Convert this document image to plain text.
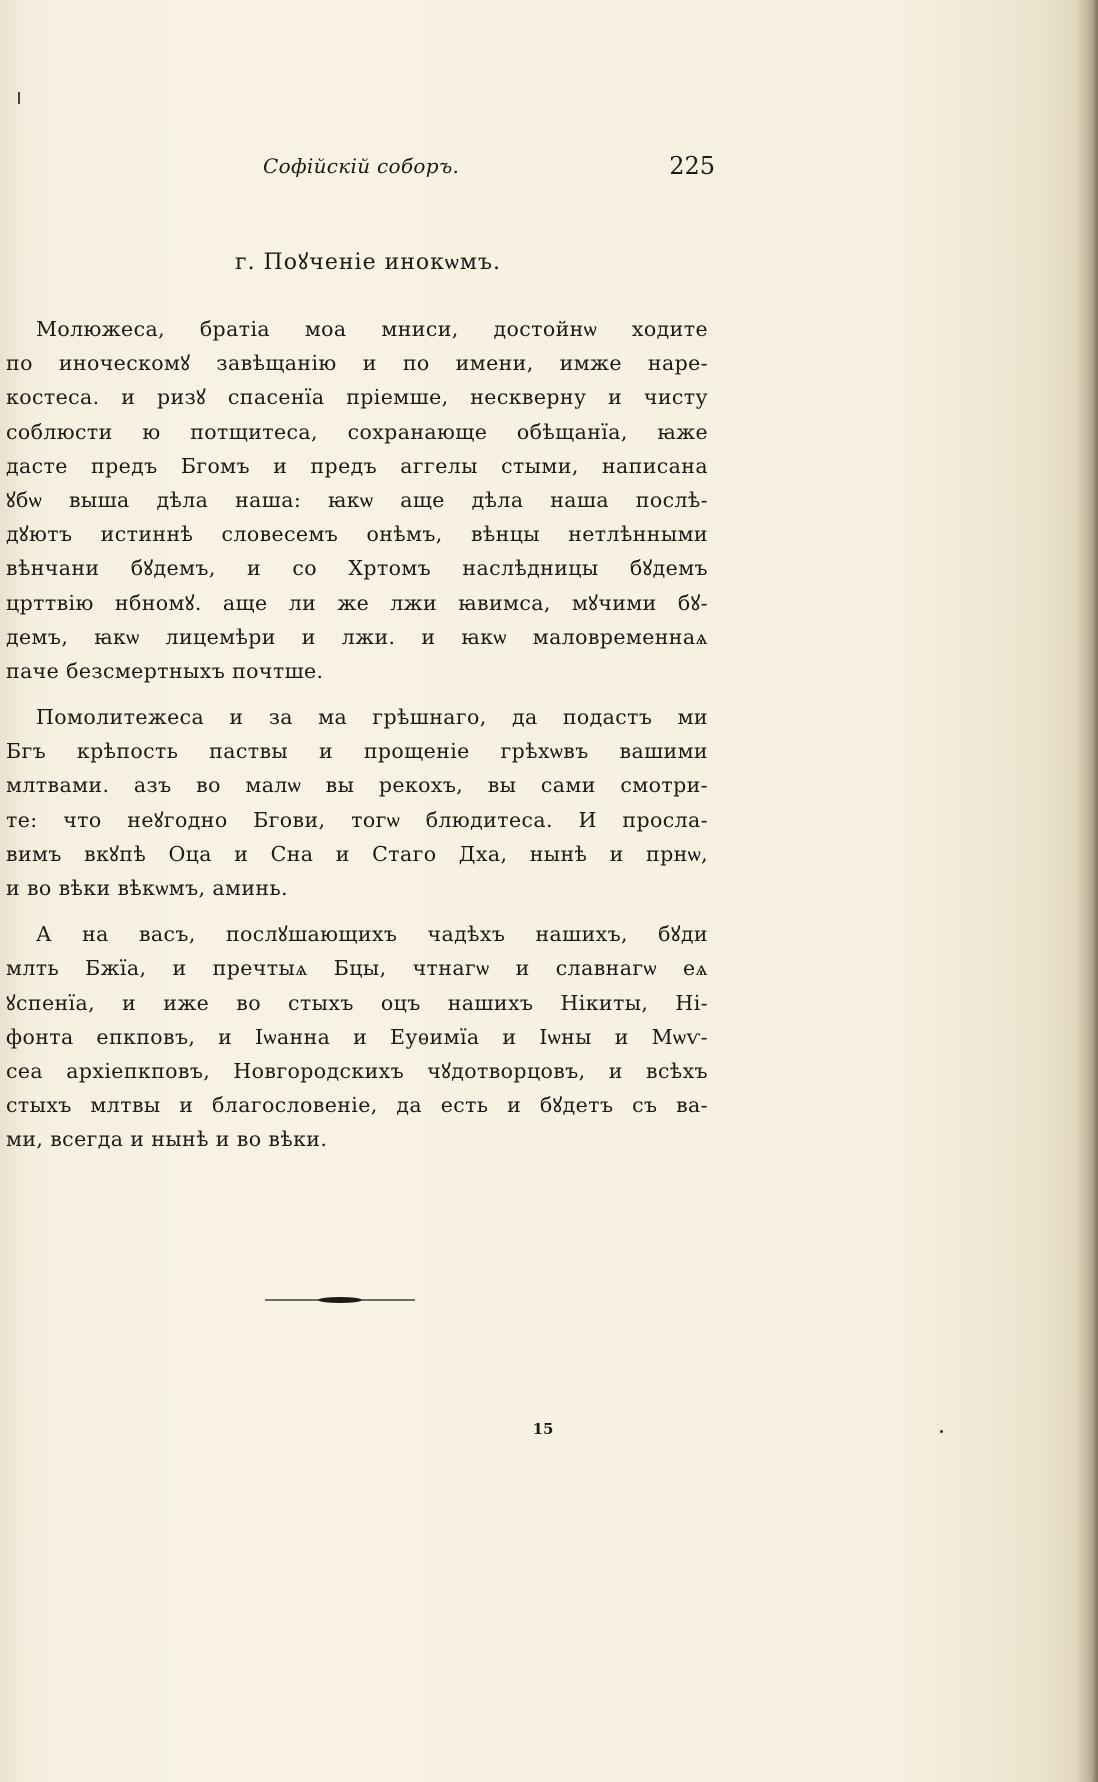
Софійскій соборъ.	225
г. Поꙋченіе инокѡмъ.
Молюжеса, братіа моа мниси, достойнѡ ходите
по иноческомꙋ завѣщанію и по имени, имже наре-
костеса. и ризꙋ спасенїа пріемше, нескверну и чисту
соблюсти ю потщитеса, сохранающе обѣщанїа, ꙗже
дасте предъ Бгомъ и предъ аггелы стыми, написана
ꙋбѡ выша дѣла наша: ꙗкѡ аще дѣла наша послѣ-
дꙋютъ истиннѣ словесемъ онѣмъ, вѣнцы нетлѣнными
вѣнчани бꙋдемъ, и со Хртомъ наслѣдницы бꙋдемъ
црттвію нбномꙋ. аще ли же лжи ꙗвимса, мꙋчими бꙋ-
демъ, ꙗкѡ лицемѣри и лжи. и ꙗкѡ маловременнаѧ
паче безсмертныхъ почтше.
Помолитежеса и за ма грѣшнаго, да подастъ ми
Бгъ крѣпость паствы и прощеніе грѣхѡвъ вашими
млтвами. азъ во малѡ вы рекохъ, вы сами смотри-
те: что неꙋгодно Бгови, тогѡ блюдитеса. И просла-
вимъ вкꙋпѣ Оца и Сна и Стаго Дха, нынѣ и прнѡ,
и во вѣки вѣкѡмъ, аминь.
А на васъ, послꙋшающихъ чадѣхъ нашихъ, бꙋди
млть Бжїа, и пречтыѧ Бцы, чтнагѡ и славнагѡ еѧ
ꙋспенїа, и иже во стыхъ оцъ нашихъ Нікиты, Ні-
фонта епкповъ, и Іѡанна и Еуѳимїа и Іѡны и Мѡѵ-
сеа архіепкповъ, Новгородскихъ чꙋдотворцовъ, и всѣхъ
стыхъ млтвы и благословеніе, да есть и бꙋдетъ съ ва-
ми, всегда и нынѣ и во вѣки.
15
